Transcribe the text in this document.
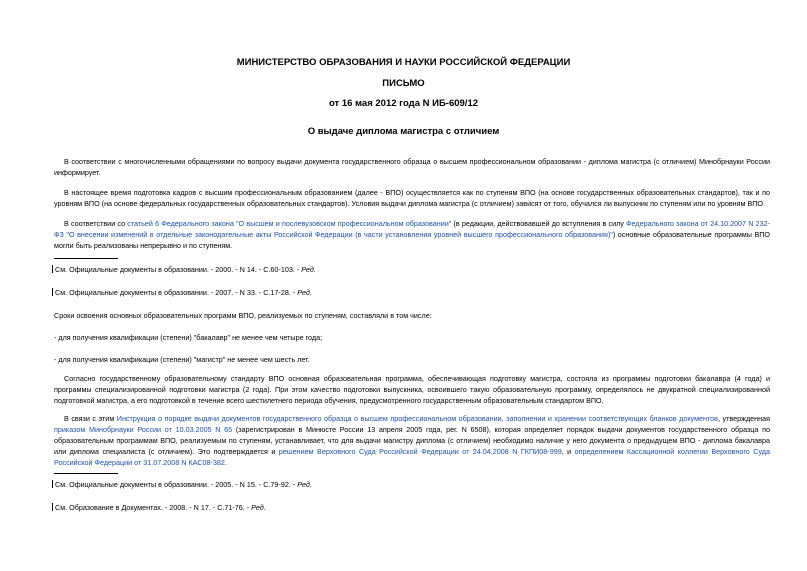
МИНИСТЕРСТВО ОБРАЗОВАНИЯ И НАУКИ РОССИЙСКОЙ ФЕДЕРАЦИИ
ПИСЬМО
от 16 мая 2012 года N ИБ-609/12
О выдаче диплома магистра с отличием
В соответствии с многочисленными обращениями по вопросу выдачи документа государственного образца о высшем профессиональном образовании - диплома магистра (с отличием) Минобрнауки России информирует.
В настоящее время подготовка кадров с высшим профессиональным образованием (далее - ВПО) осуществляется как по ступеням ВПО (на основе государственных образовательных стандартов), так и по уровням ВПО (на основе федеральных государственных образовательных стандартов). Условия выдачи диплома магистра (с отличием) зависят от того, обучался ли выпускник по ступеням или по уровням ВПО.
В соответствии со статьей 6 Федерального закона "О высшем и послевузовском профессиональном образовании" (в редакции, действовавшей до вступления в силу Федерального закона от 24.10.2007 N 232-ФЗ "О внесении изменений в отдельные законодательные акты Российской Федерации (в части установления уровней высшего профессионального образования)") основные образовательные программы ВПО могли быть реализованы непрерывно и по ступеням.
См. Официальные документы в образовании. - 2000. - N 14. - С.60-103. - Ред.
См. Официальные документы в образовании. - 2007. - N 33. - С.17-28. - Ред.
Сроки освоения основных образовательных программ ВПО, реализуемых по ступеням, составляли в том числе:
- для получения квалификации (степени) "бакалавр" не менее чем четыре года;
- для получения квалификации (степени) "магистр" не менее чем шесть лет.
Согласно государственному образовательному стандарту ВПО основная образовательная программа, обеспечивающая подготовку магистра, состояла из программы подготовки бакалавра (4 года) и программы специализированной подготовки магистра (2 года). При этом качество подготовки выпускника, освоившего такую образовательную программу, определялось не двукратной специализированной подготовкой магистра, а его подготовкой в течение всего шестилетнего периода обучения, предусмотренного государственным образовательным стандартом ВПО.
В связи с этим Инструкция о порядке выдачи документов государственного образца о высшем профессиональном образовании, заполнении и хранении соответствующих бланков документов, утвержденная приказом Минобрнауки России от 10.03.2005 N 65 (зарегистрирован в Минюсте России 13 апреля 2005 года, рег. N 6508), которая определяет порядок выдачи документов государственного образца по образовательным программам ВПО, реализуемым по ступеням, устанавливает, что для выдачи магистру диплома (с отличием) необходимо наличие у него документа о предыдущем ВПО - диплома бакалавра или диплома специалиста (с отличием). Это подтверждается и решением Верховного Суда Российской Федерации от 24.04.2008 N ГКПИ08-999, и определением Кассационной коллегии Верховного Суда Российской Федерации от 31.07.2008 N КАС08-382.
См. Официальные документы в образовании. - 2005. - N 15. - С.79-92. - Ред.
См. Образование в Документах. - 2008. - N 17. - С.71-76. - Ред.
